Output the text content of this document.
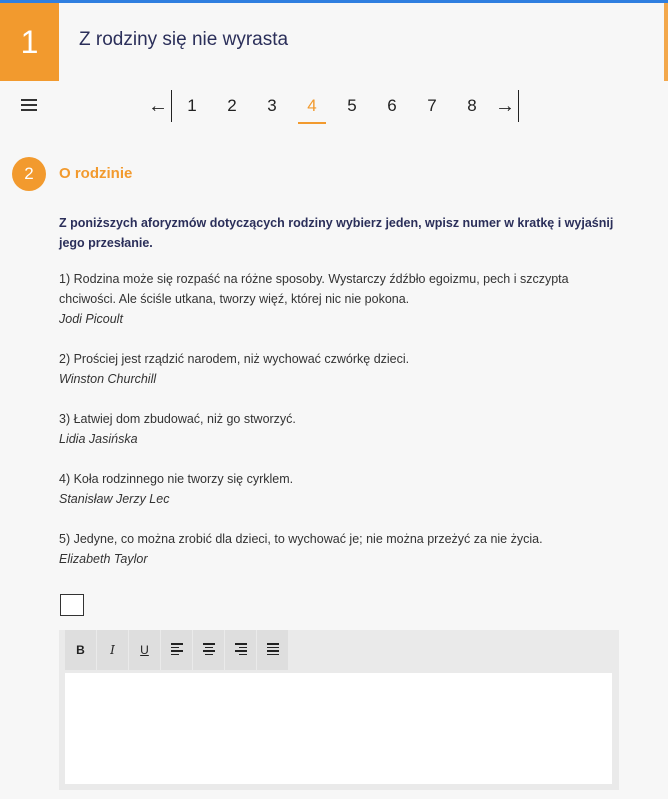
1	Z rodziny się nie wyrasta
←	1	2	3	4	5	6	7	8 →
2	O rodzinie

Z poniższych aforyzmów dotyczących rodziny wybierz jeden, wpisz numer w kratkę i wyjaśnij jego przesłanie.

1) Rodzina może się rozpaść na różne sposoby. Wystarczy źdźbło egoizmu, pech i szczypta chciwości. Ale ściśle utkana, tworzy więź, której nic nie pokona.
Jodi Picoult
2) Prościej jest rządzić narodem, niż wychować czwórkę dzieci.
Winston Churchill
3) Łatwiej dom zbudować, niż go stworzyć.
Lidia Jasińska
4) Koła rodzinnego nie tworzy się cyrklem.
Stanisław Jerzy Lec
5) Jedyne, co można zrobić dla dzieci, to wychować je; nie można przeżyć za nie życia.
Elizabeth Taylor
B	I	U
